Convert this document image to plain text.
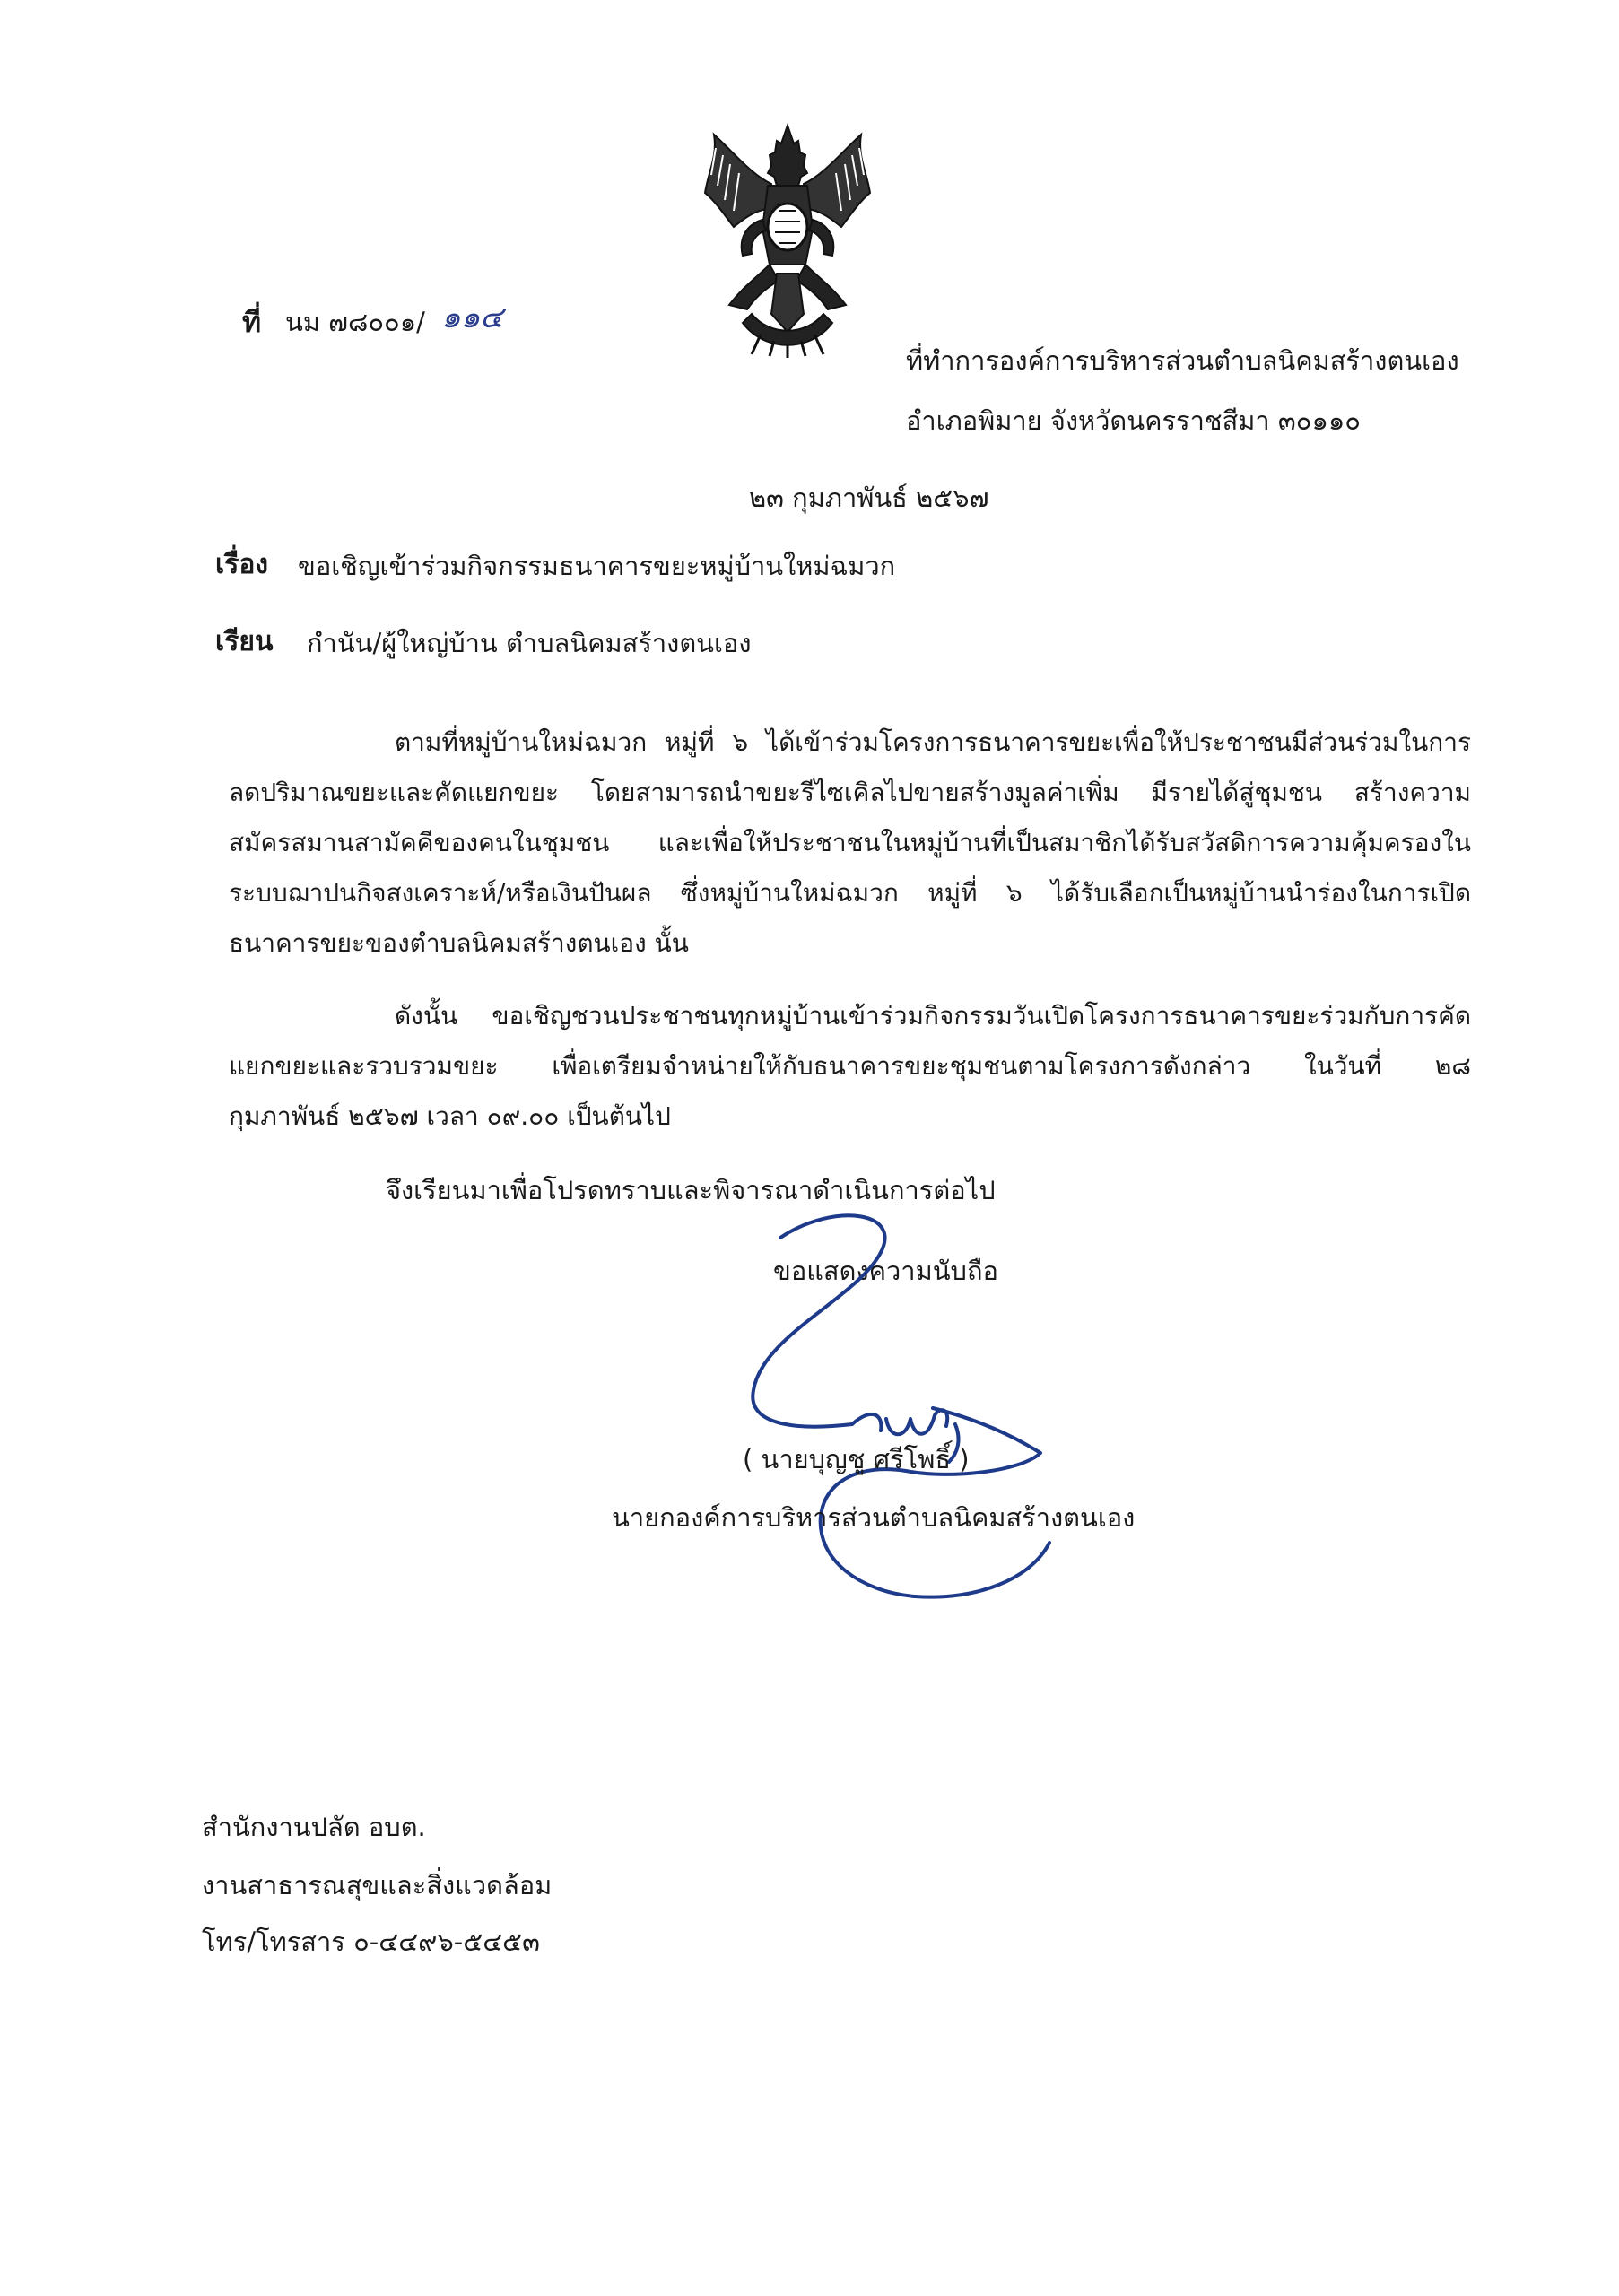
ที่ นม ๗๘๐๐๑/ ๑๑๔
ที่ทำการองค์การบริหารส่วนตำบลนิคมสร้างตนเอง
อำเภอพิมาย จังหวัดนครราชสีมา ๓๐๑๑๐
๒๓ กุมภาพันธ์ ๒๕๖๗
เรื่อง ขอเชิญเข้าร่วมกิจกรรมธนาคารขยะหมู่บ้านใหม่ฉมวก
เรียน กำนัน/ผู้ใหญ่บ้าน ตำบลนิคมสร้างตนเอง
ตามที่หมู่บ้านใหม่ฉมวก หมู่ที่ ๖ ได้เข้าร่วมโครงการธนาคารขยะเพื่อให้ประชาชนมีส่วนร่วมในการ
ลดปริมาณขยะและคัดแยกขยะ โดยสามารถนำขยะรีไซเคิลไปขายสร้างมูลค่าเพิ่ม มีรายได้สู่ชุมชน สร้างความ
สมัครสมานสามัคคีของคนในชุมชน และเพื่อให้ประชาชนในหมู่บ้านที่เป็นสมาชิกได้รับสวัสดิการความคุ้มครองใน
ระบบฌาปนกิจสงเคราะห์/หรือเงินปันผล ซึ่งหมู่บ้านใหม่ฉมวก หมู่ที่ ๖ ได้รับเลือกเป็นหมู่บ้านนำร่องในการเปิด
ธนาคารขยะของตำบลนิคมสร้างตนเอง นั้น
ดังนั้น ขอเชิญชวนประชาชนทุกหมู่บ้านเข้าร่วมกิจกรรมวันเปิดโครงการธนาคารขยะร่วมกับการคัด
แยกขยะและรวบรวมขยะ เพื่อเตรียมจำหน่ายให้กับธนาคารขยะชุมชนตามโครงการดังกล่าว ในวันที่ ๒๘
กุมภาพันธ์ ๒๕๖๗ เวลา ๐๙.๐๐ เป็นต้นไป
จึงเรียนมาเพื่อโปรดทราบและพิจารณาดำเนินการต่อไป
ขอแสดงความนับถือ
( นายบุญชู ศรีโพธิ์ )
นายกองค์การบริหารส่วนตำบลนิคมสร้างตนเอง
สำนักงานปลัด อบต.
งานสาธารณสุขและสิ่งแวดล้อม
โทร/โทรสาร ๐-๔๔๙๖-๕๔๕๓
